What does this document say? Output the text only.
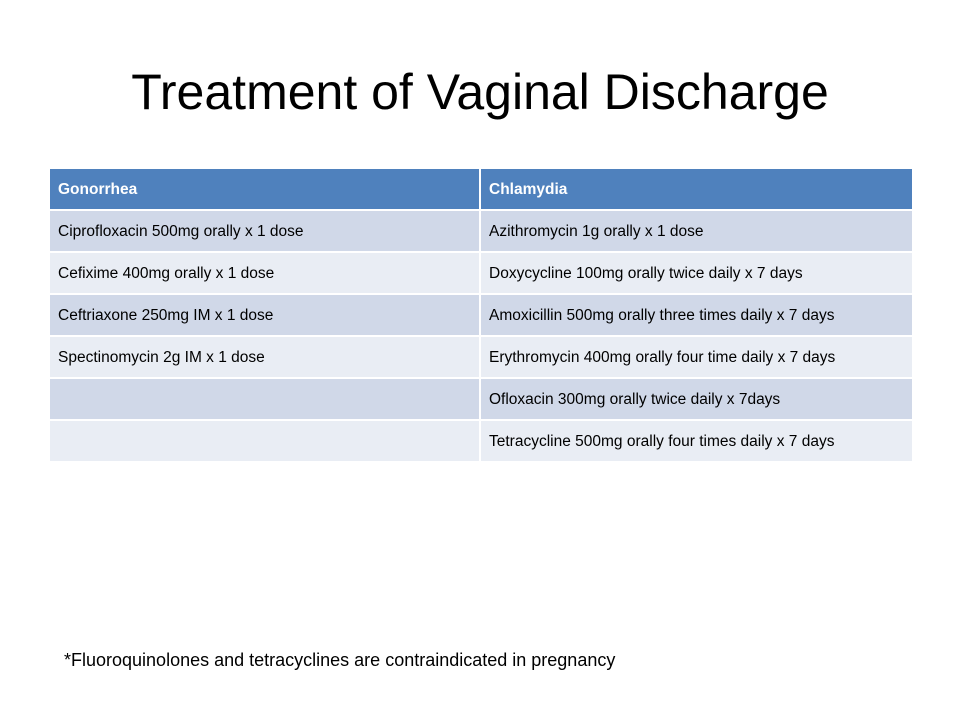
Treatment of Vaginal Discharge
Gonorrhea	Chlamydia
Ciprofloxacin 500mg orally x 1 dose	Azithromycin 1g orally x 1 dose
Cefixime 400mg orally x 1 dose	Doxycycline 100mg orally twice daily x 7 days
Ceftriaxone 250mg IM x 1 dose	Amoxicillin 500mg orally three times daily x 7 days
Spectinomycin 2g IM x 1 dose	Erythromycin 400mg orally four time daily x 7 days
	Ofloxacin 300mg orally twice daily x 7days
	Tetracycline 500mg orally four times daily x 7 days

*Fluoroquinolones and tetracyclines are contraindicated in pregnancy
